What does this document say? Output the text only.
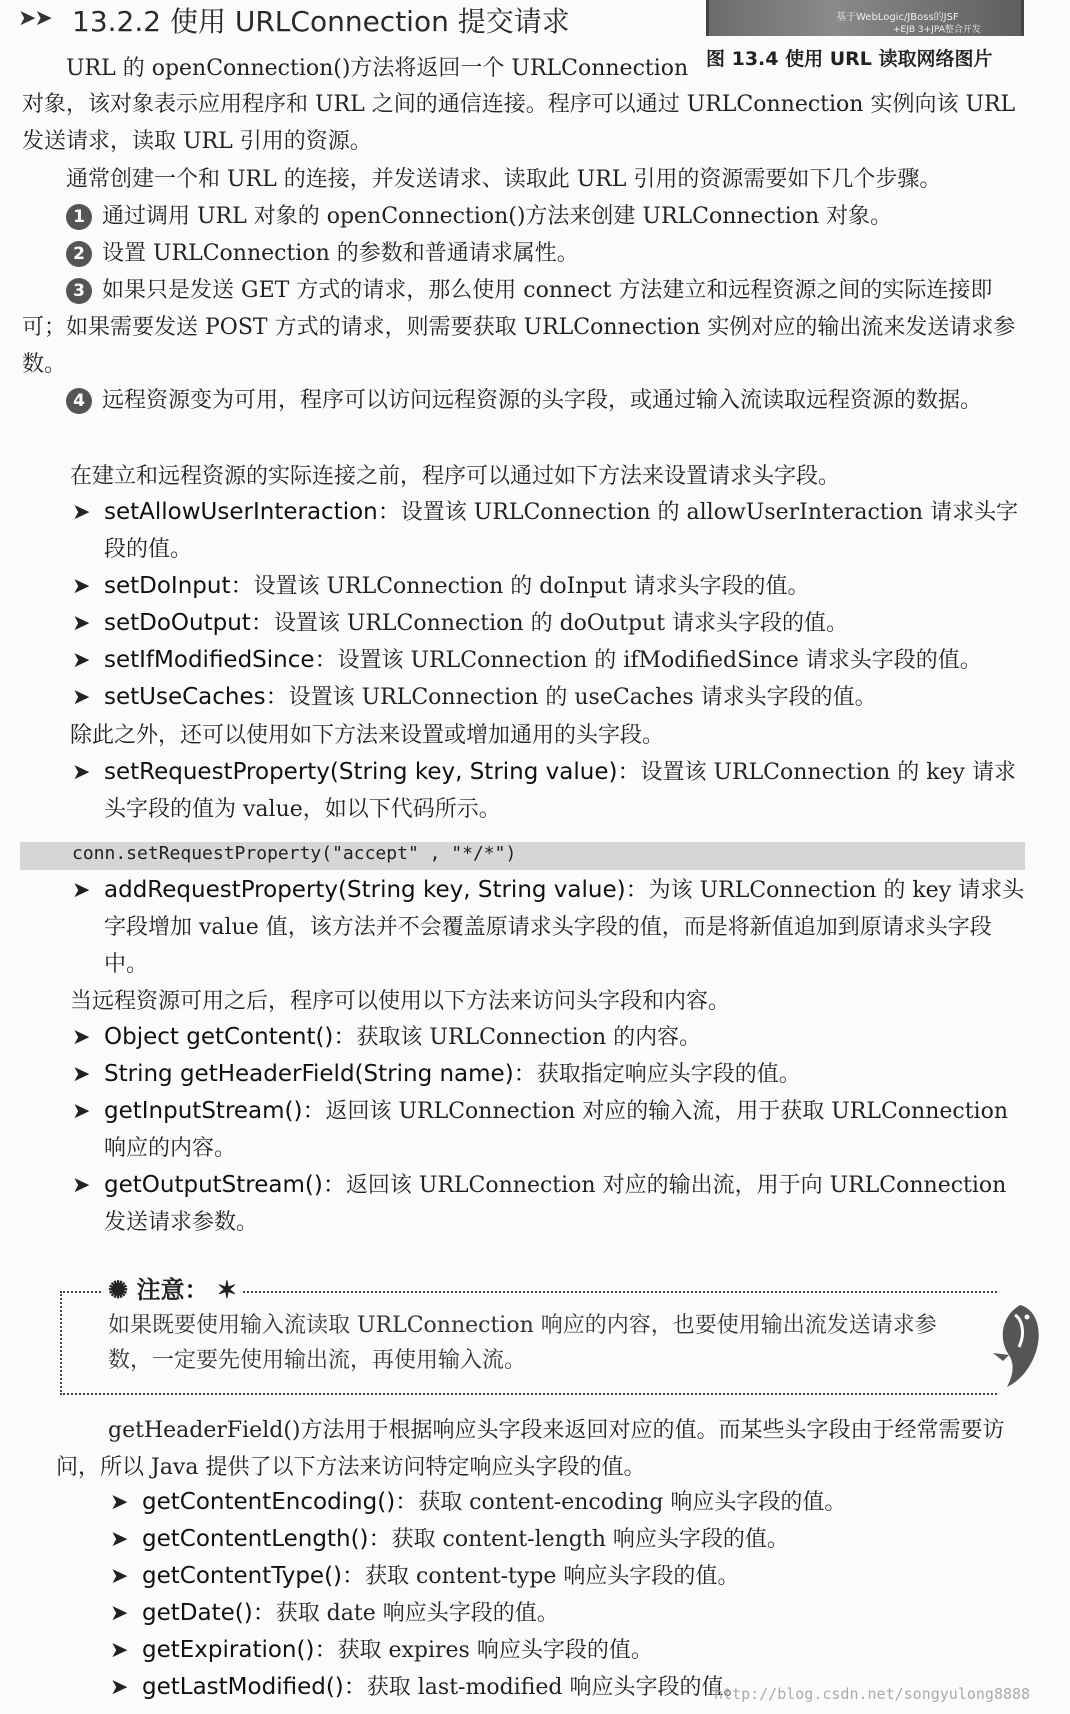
➤➤ 13.2.2 使用 URLConnection 提交请求	基于WebLogic/JBoss的JSF
+EJB 3+JPA整合开发
图 13.4 使用 URL 读取网络图片
URL 的 openConnection()方法将返回一个 URLConnection
对象，该对象表示应用程序和 URL 之间的通信连接。程序可以通过 URLConnection 实例向该 URL 发送请求，读取 URL 引用的资源。
通常创建一个和 URL 的连接，并发送请求、读取此 URL 引用的资源需要如下几个步骤。
1 通过调用 URL 对象的 openConnection()方法来创建 URLConnection 对象。
2 设置 URLConnection 的参数和普通请求属性。
3 如果只是发送 GET 方式的请求，那么使用 connect 方法建立和远程资源之间的实际连接即可；如果需要发送 POST 方式的请求，则需要获取 URLConnection 实例对应的输出流来发送请求参数。
4 远程资源变为可用，程序可以访问远程资源的头字段，或通过输入流读取远程资源的数据。
在建立和远程资源的实际连接之前，程序可以通过如下方法来设置请求头字段。
➤ setAllowUserInteraction：设置该 URLConnection 的 allowUserInteraction 请求头字段的值。
➤ setDoInput：设置该 URLConnection 的 doInput 请求头字段的值。
➤ setDoOutput：设置该 URLConnection 的 doOutput 请求头字段的值。
➤ setIfModifiedSince：设置该 URLConnection 的 ifModifiedSince 请求头字段的值。
➤ setUseCaches：设置该 URLConnection 的 useCaches 请求头字段的值。
除此之外，还可以使用如下方法来设置或增加通用的头字段。
➤ setRequestProperty(String key, String value)：设置该 URLConnection 的 key 请求头字段的值为 value，如以下代码所示。
conn.setRequestProperty("accept" , "*/*")
➤ addRequestProperty(String key, String value)：为该 URLConnection 的 key 请求头字段增加 value 值，该方法并不会覆盖原请求头字段的值，而是将新值追加到原请求头字段中。
当远程资源可用之后，程序可以使用以下方法来访问头字段和内容。
➤ Object getContent()：获取该 URLConnection 的内容。
➤ String getHeaderField(String name)：获取指定响应头字段的值。
➤ getInputStream()：返回该 URLConnection 对应的输入流，用于获取 URLConnection 响应的内容。
➤ getOutputStream()：返回该 URLConnection 对应的输出流，用于向 URLConnection 发送请求参数。
✺ 注意： ✶
如果既要使用输入流读取 URLConnection 响应的内容，也要使用输出流发送请求参数，一定要先使用输出流，再使用输入流。
getHeaderField()方法用于根据响应头字段来返回对应的值。而某些头字段由于经常需要访问，所以 Java 提供了以下方法来访问特定响应头字段的值。
➤ getContentEncoding()：获取 content-encoding 响应头字段的值。
➤ getContentLength()：获取 content-length 响应头字段的值。
➤ getContentType()：获取 content-type 响应头字段的值。
➤ getDate()：获取 date 响应头字段的值。
➤ getExpiration()：获取 expires 响应头字段的值。
➤ getLastModified()：获取 last-modified 响应头字段的值。
http://blog.csdn.net/songyulong8888
